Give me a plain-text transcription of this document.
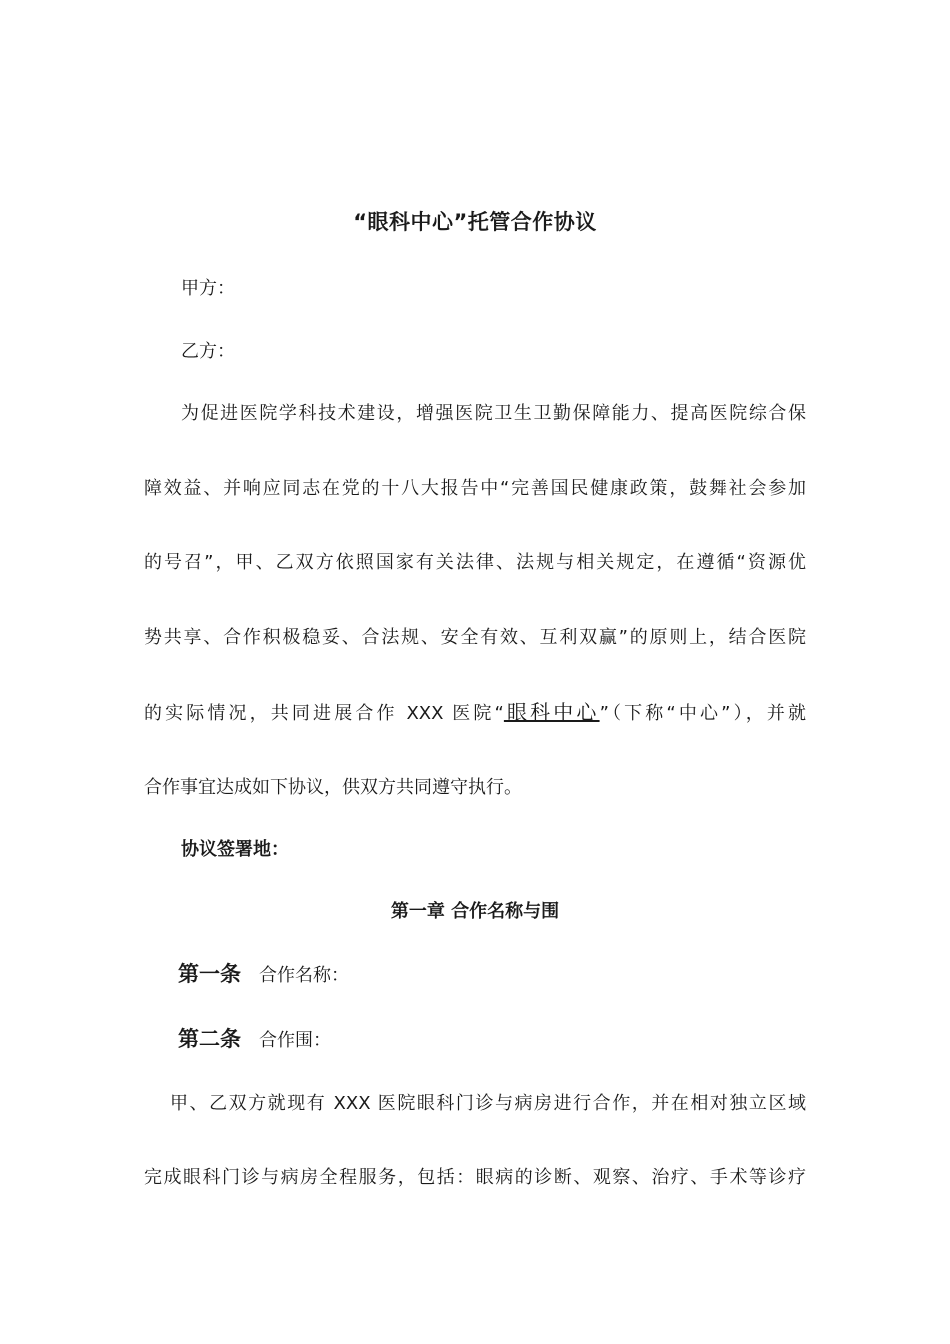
“眼科中心”托管合作协议
甲方：
乙方：
为促进医院学科技术建设，增强医院卫生卫勤保障能力、提高医院综合保
障效益、并响应同志在党的十八大报告中“完善国民健康政策，鼓舞社会参加
的号召”，甲、乙双方依照国家有关法律、法规与相关规定，在遵循“资源优
势共享、合作积极稳妥、合法规、安全有效、互利双赢”的原则上，结合医院
的实际情况，共同进展合作 XXX 医院“眼科中心”（下称“中心”），并就
合作事宜达成如下协议，供双方共同遵守执行。
协议签署地：
第一章 合作名称与围
第一条 合作名称：
第二条 合作围：
甲、乙双方就现有 XXX 医院眼科门诊与病房进行合作，并在相对独立区域
完成眼科门诊与病房全程服务，包括：眼病的诊断、观察、治疗、手术等诊疗
